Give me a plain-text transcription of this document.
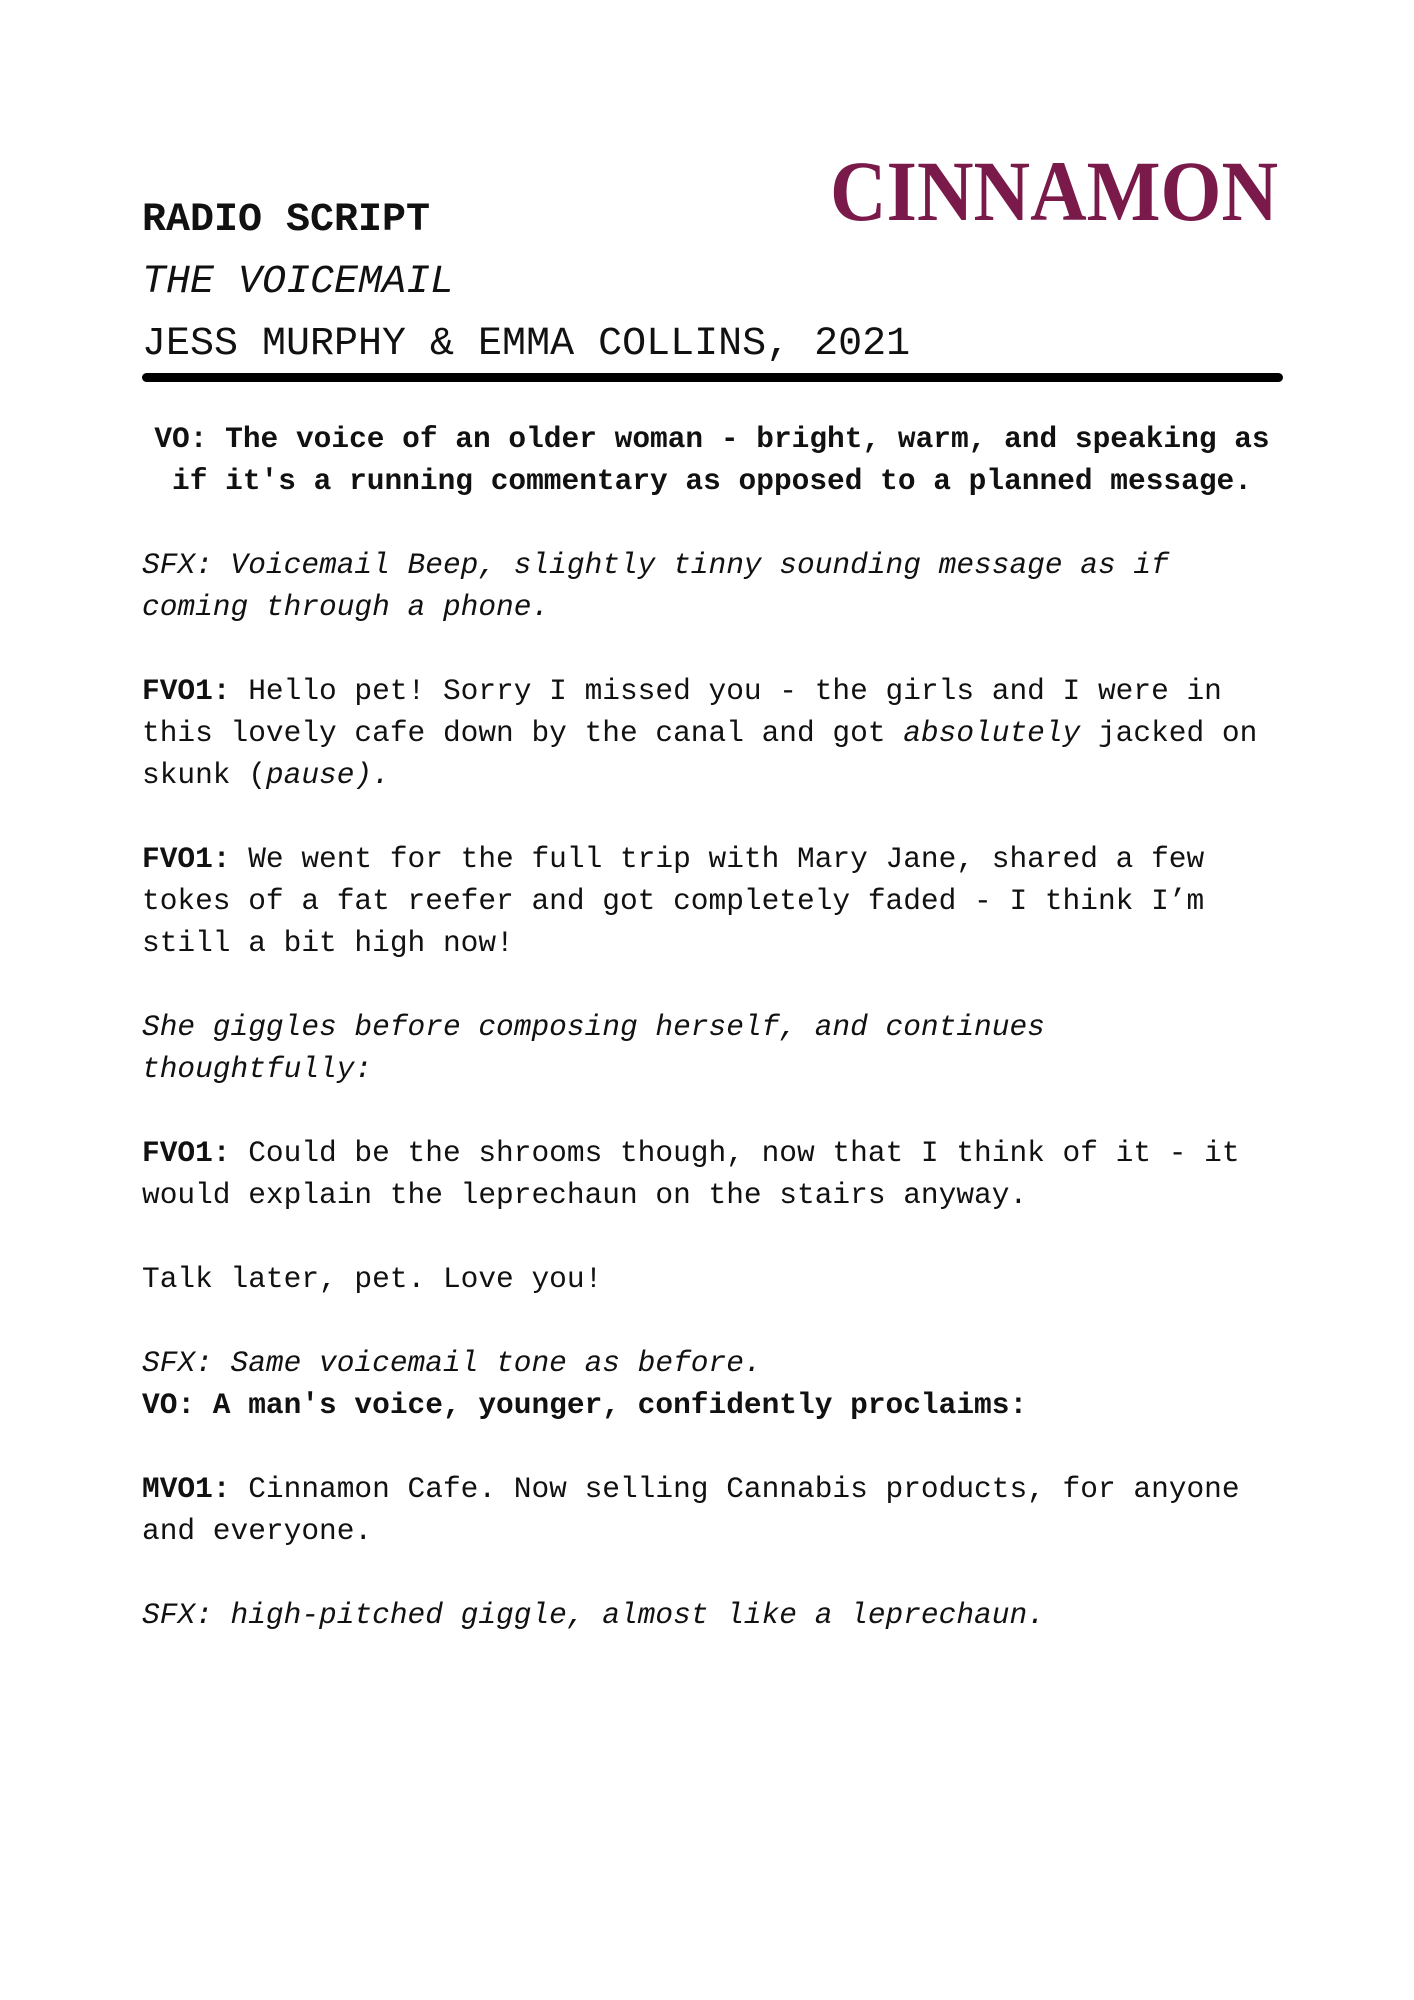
CINNAMON
RADIO SCRIPT
THE VOICEMAIL
JESS MURPHY & EMMA COLLINS, 2021
VO: The voice of an older woman - bright, warm, and speaking as if it's a running commentary as opposed to a planned message.
SFX: Voicemail Beep, slightly tinny sounding message as if coming through a phone.
FVO1: Hello pet! Sorry I missed you - the girls and I were in this lovely cafe down by the canal and got absolutely jacked on skunk (pause).
FVO1: We went for the full trip with Mary Jane, shared a few tokes of a fat reefer and got completely faded - I think I’m still a bit high now!
She giggles before composing herself, and continues thoughtfully:
FVO1: Could be the shrooms though, now that I think of it - it would explain the leprechaun on the stairs anyway.
Talk later, pet. Love you!
SFX: Same voicemail tone as before.
VO: A man's voice, younger, confidently proclaims:
MVO1: Cinnamon Cafe. Now selling Cannabis products, for anyone and everyone.
SFX: high-pitched giggle, almost like a leprechaun.
